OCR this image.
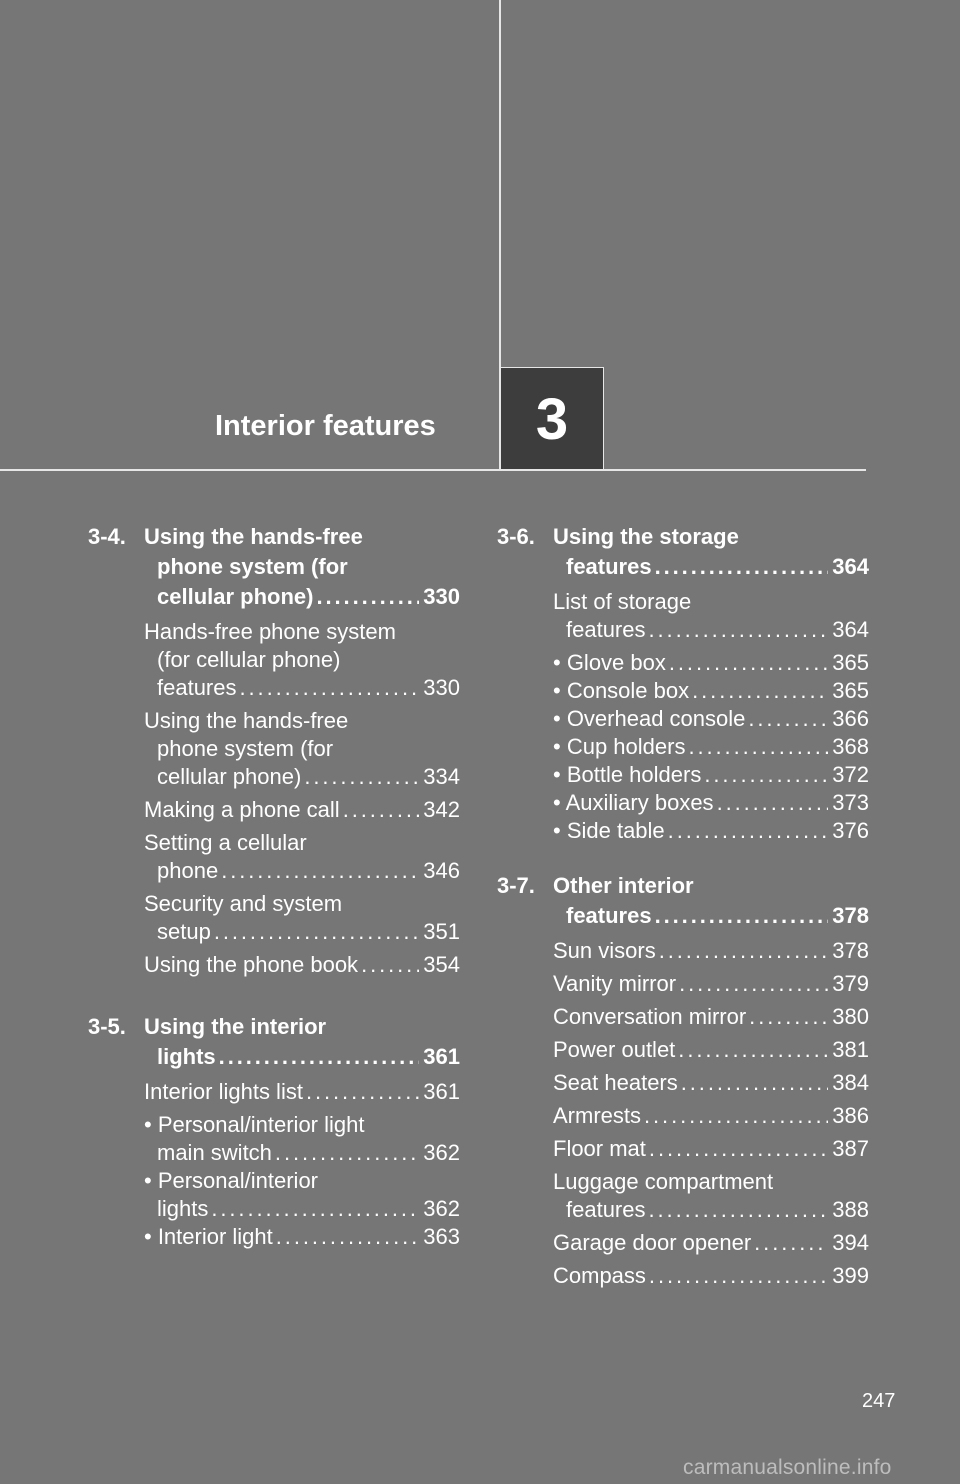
Interior features	3
3-4. Using the hands-free
phone system (for
cellular phone) . . .	330
Hands-free phone system
(for cellular phone)
features . . .	330
Using the hands-free
phone system (for
cellular phone) . . .	334
Making a phone call . . .	342
Setting a cellular
phone . . .	346
Security and system
setup . . .	351
Using the phone book . . .	354
3-5. Using the interior
lights . . .	361
Interior lights list . . .	361
• Personal/interior light
main switch . . .	362
• Personal/interior
lights . . .	362
• Interior light . . .	363
3-6. Using the storage
features . . .	364
List of storage
features . . .	364
• Glove box . . .	365
• Console box . . .	365
• Overhead console . . .	366
• Cup holders . . .	368
• Bottle holders . . .	372
• Auxiliary boxes . . .	373
• Side table . . .	376
3-7. Other interior
features . . .	378
Sun visors . . .	378
Vanity mirror . . .	379
Conversation mirror . . .	380
Power outlet . . .	381
Seat heaters . . .	384
Armrests . . .	386
Floor mat . . .	387
Luggage compartment
features . . .	388
Garage door opener . . .	394
Compass . . .	399
247
carmanualsonline.info
